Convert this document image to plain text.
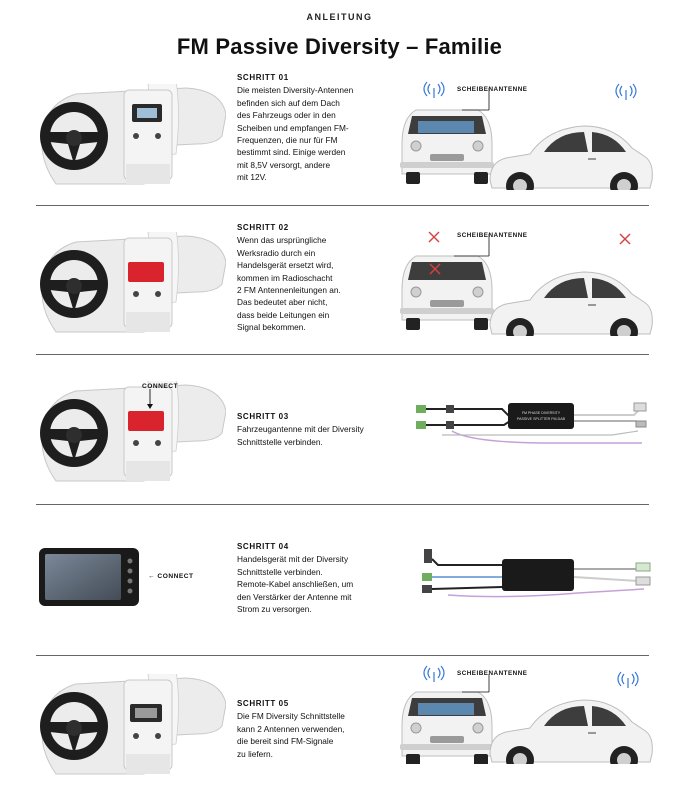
ANLEITUNG
FM Passive Diversity – Familie
SCHRITT 01
Die meisten Diversity-Antennen
befinden sich auf dem Dach
des Fahrzeugs oder in den
Scheiben und empfangen FM-
Frequenzen, die nur für FM
bestimmt sind. Einige werden
mit 8,5V versorgt, andere
mit 12V.
SCHEIBENANTENNE
SCHRITT 02
Wenn das ursprüngliche
Werksradio durch ein
Handelsgerät ersetzt wird,
kommen im Radioschacht
2 FM Antennenleitungen an.
Das bedeutet aber nicht,
dass beide Leitungen ein
Signal bekommen.
SCHEIBENANTENNE
CONNECT
SCHRITT 03
Fahrzeugantenne mit der Diversity
Schnittstelle verbinden.
FM PHASE DIVERSITY
PASSIVE SPLITTER FM-DAB
← CONNECT
SCHRITT 04
Handelsgerät mit der Diversity
Schnittstelle verbinden.
Remote-Kabel anschließen, um
den Verstärker der Antenne mit
Strom zu versorgen.
SCHRITT 05
Die FM Diversity Schnittstelle
kann 2 Antennen verwenden,
die bereit sind FM-Signale
zu liefern.
SCHEIBENANTENNE
